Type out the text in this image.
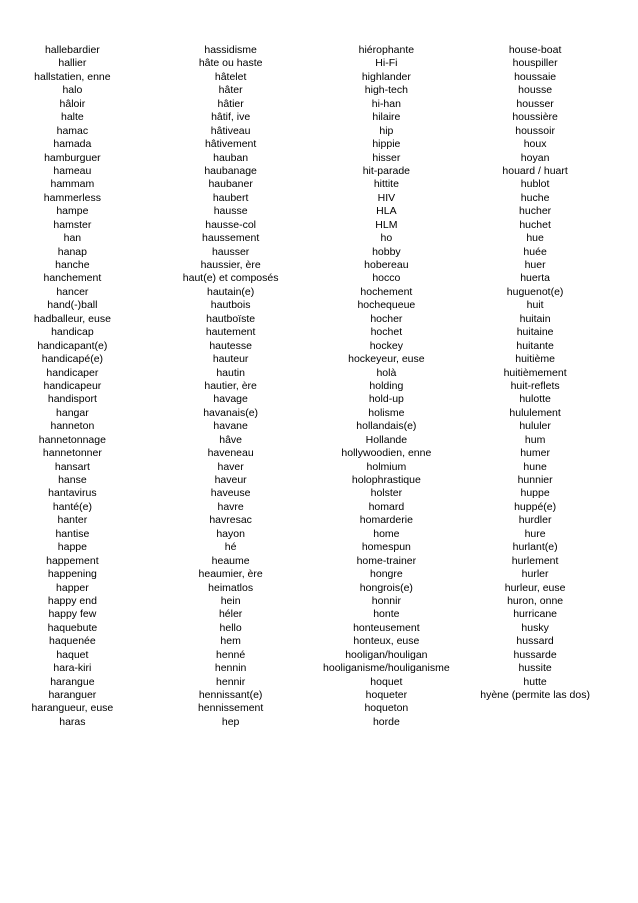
hallebardier
hallier
hallstatien, enne
halo
hâloir
halte
hamac
hamada
hamburguer
hameau
hammam
hammerless
hampe
hamster
han
hanap
hanche
hanchement
hancer
hand(-)ball
hadballeur, euse
handicap
handicapant(e)
handicapé(e)
handicaper
handicapeur
handisport
hangar
hanneton
hannetonnage
hannetonner
hansart
hanse
hantavirus
hanté(e)
hanter
hantise
happe
happement
happening
happer
happy end
happy few
haquebute
haquenée
haquet
hara-kiri
harangue
haranguer
harangueur, euse
haras
hassidisme
hâte ou haste
hâtelet
hâter
hâtier
hâtif, ive
hâtiveau
hâtivement
hauban
haubanage
haubaner
haubert
hausse
hausse-col
haussement
hausser
haussier, ère
haut(e) et composés
hautain(e)
hautbois
hautboïste
hautement
hautesse
hauteur
hautin
hautier, ère
havage
havanais(e)
havane
hâve
haveneau
haver
haveur
haveuse
havre
havresac
hayon
hé
heaume
heaumier, ère
heimatlos
hein
héler
hello
hem
henné
hennin
hennir
hennissant(e)
hennissement
hep
hiérophante
Hi-Fi
highlander
high-tech
hi-han
hilaire
hip
hippie
hisser
hit-parade
hittite
HIV
HLA
HLM
ho
hobby
hobereau
hocco
hochement
hochequeue
hocher
hochet
hockey
hockeyeur, euse
holà
holding
hold-up
holisme
hollandais(e)
Hollande
hollywoodien, enne
holmium
holophrastique
holster
homard
homarderie
home
homespun
home-trainer
hongre
hongrois(e)
honnir
honte
honteusement
honteux, euse
hooligan/houligan
hooliganisme/houliganisme
hoquet
hoqueter
hoqueton
horde
house-boat
houspiller
houssaie
housse
housser
houssière
houssoir
houx
hoyan
houard / huart
hublot
huche
hucher
huchet
hue
huée
huer
huerta
huguenot(e)
huit
huitain
huitaine
huitante
huitième
huitièmement
huit-reflets
hulotte
hululement
hululer
hum
humer
hune
hunnier
huppe
huppé(e)
hurdler
hure
hurlant(e)
hurlement
hurler
hurleur, euse
huron, onne
hurricane
husky
hussard
hussarde
hussite
hutte
hyène (permite las dos)
